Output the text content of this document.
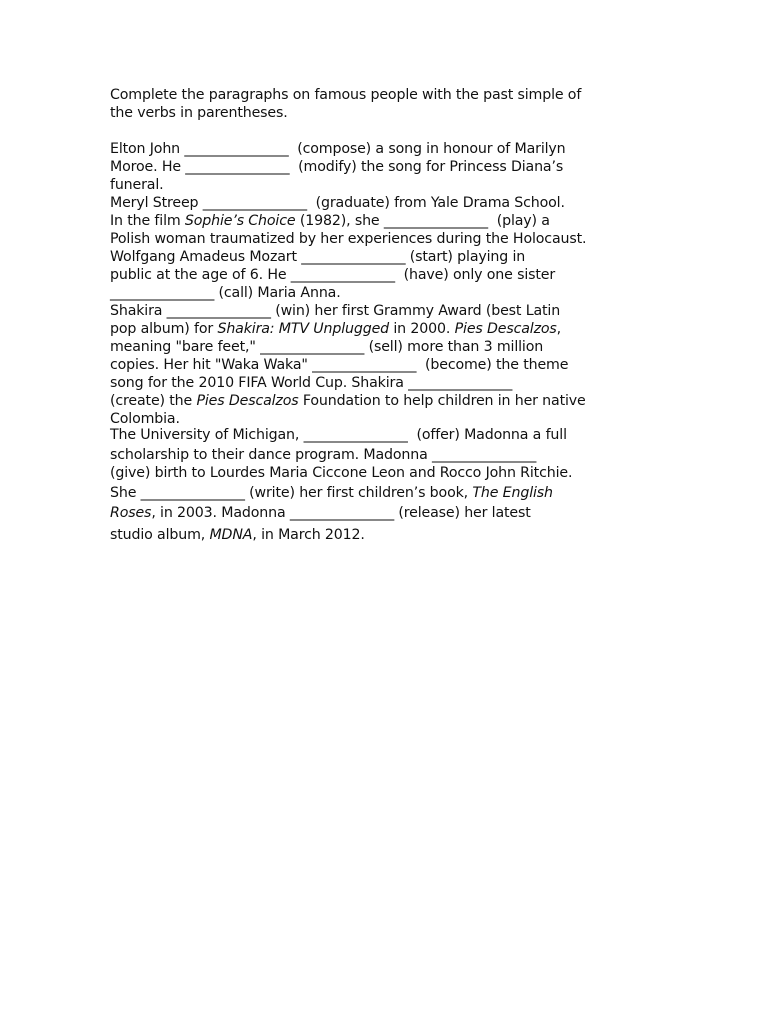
Complete the paragraphs on famous people with the past simple of
the verbs in parentheses.
Elton John _______________  (compose) a song in honour of Marilyn
Moroe. He _______________  (modify) the song for Princess Diana’s
funeral.
Meryl Streep _______________  (graduate) from Yale Drama School.
In the film Sophie’s Choice (1982), she _______________  (play) a
Polish woman traumatized by her experiences during the Holocaust.
Wolfgang Amadeus Mozart _______________ (start) playing in
public at the age of 6. He _______________  (have) only one sister
_______________ (call) Maria Anna.
Shakira _______________ (win) her first Grammy Award (best Latin
pop album) for Shakira: MTV Unplugged in 2000. Pies Descalzos,
meaning "bare feet," _______________ (sell) more than 3 million
copies. Her hit "Waka Waka" _______________  (become) the theme
song for the 2010 FIFA World Cup. Shakira _______________
(create) the Pies Descalzos Foundation to help children in her native
Colombia.
The University of Michigan, _______________  (offer) Madonna a full
scholarship to their dance program. Madonna _______________
(give) birth to Lourdes Maria Ciccone Leon and Rocco John Ritchie.
She _______________ (write) her first children’s book, The English
Roses, in 2003. Madonna _______________ (release) her latest
studio album, MDNA, in March 2012.
